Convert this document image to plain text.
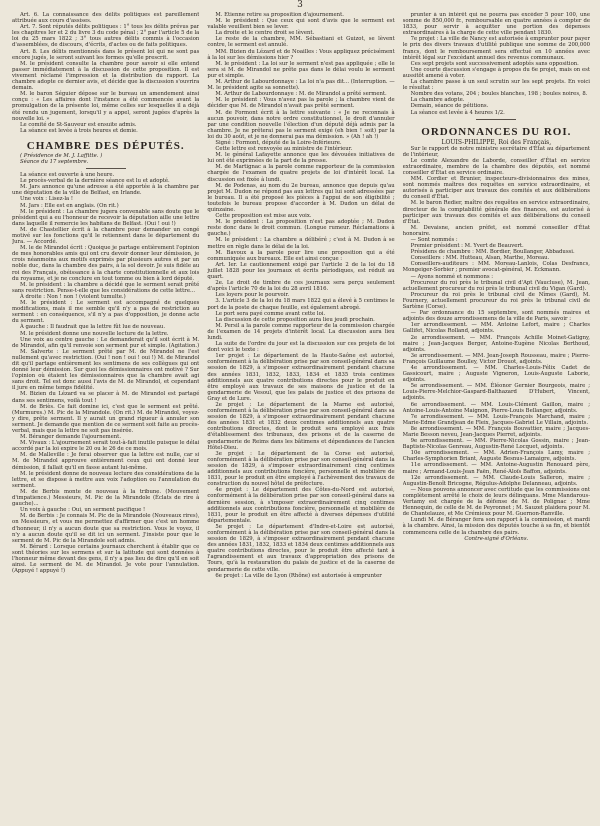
3

Art. 6. La connaissance des délits politiques est pareillement attribuée aux cours d'assises.

Art. 7. Sont réputés délits politiques : 1° tous les délits prévus par les chapitres Ier et 2 du livre 3 du code pénal ; 2° par l'article 5 de la loi du 25 mars 1822 ; 3° tous autres délits commis à l'occasion d'assemblées, de discours, d'écrits, d'actes ou de faits politiques.

Art. 8. Les délits mentionnés dans le présent loi qui ne sont pas encore jugés, le seront suivant les formes qu'elle prescrit.

M. le président consulte la chambre pour savoir si elle entend passer immédiatement à la discussion de cette proposition. Il est vivement réclamé l'impression et la distribution du rapport. La chambre adopte ce dernier avis, et décide que la discussion s'ouvrira demain.

M. le baron Séguier dépose sur le bureau un amendement ainsi conçu : « Les affaires dont l'instance a été commencée avant la promulgation de la présente loi, même celles sur lesquelles il a déjà été rendu un jugement, lorsqu'il y a appel, seront jugées d'après la nouvelle loi. »

Le comité de St-Sauveur est ensuite admis.

La séance est levée à trois heures et demie.

CHAMBRE DES DÉPUTÉS.

( Présidence de M. J. Laffitte. )

Séance du 17 septembre.

La séance est ouverte à une heure.

Le procès-verbal de la dernière séance est lu et adopté.

M. Jars annonce qu'une adresse a été apportée à la chambre par une députation de la ville de Belfast, en Irlande.

Une voix : Lisez-la !

M. Jars : Elle est en anglais. (On rit.)

M. le président : La chambre jugera convenable sans doute que le président qui a eu l'honneur de recevoir la députation aille une lettre dans laquelle il remercie les habitans de Belfast. (Oui ! oui !)

M. de Chastellier écrit à la chambre pour demander un congé motivé sur les fonctions qu'il le retiennent dans le département du Jura. — Accordé.

M. le de Mirandol écrit : Quoique je partage entièrement l'opinion de mes honorables amis qui ont cru devoir donner leur démission, je crois néanmoins aux motifs exprimés par plusieurs autres et par un noble duc, dans la chambre des pairs, à la sol devoir. Je suis fidèle au roi des Français, obéissance à la charte constitutionnelle et aux lois du royaume, et je ne conclure en tout tomme ou bien à lord député.

M. le président : la chambre a décidé que le serment serait prêté sans restriction. Pense-t-elle que les considérations de cette lettre...

À droite : Non ! non ! (violent tumulte.)

M. le président : Le serment est accompagné de quelques modifications, mais il me semble qu'il n'y a pas de restriction au serment : en conséquence, s'il n'y a pas d'opposition, je donne acte du serment.

À gauche : Il faudrait que la lettre fût lue de nouveau.

M. le président donne une nouvelle lecture de la lettre.

Une voix au centre gauche : Le demanderait qu'il soit écrit à M. de Mirandol, afin qu'il renvoie son serment pur et simple. (Agitation.)

M. Salverte : Le serment prêté par M. de Mirandol ne l'est nullement qu'avec restriction. (Oui ! non ! oui ! oui !) M. de Mirandol dit qu'il partage entièrement les sentimens de ses collègues qui ont donné leur démission. Sur quoi les démissionnaires ont motivé ? Sur l'opinion où étaient les démissionnaires que la chambre avait agi sans droit. Tel est donc aussi l'avis de M. de Mirandol, et cependant il jure en même temps fidélité.

M. Bizien du Lézard va se placer à M. de Mirandol est partagé dans ses sentimens, voilà tout !

M. de Briès. Ce fait domine ici, c'est que le serment est prêté. (Murmures.) M. Pic de la Mirandole. (On rit.) M. de Mirandol, voyez-y dire, prête serment. Il y aurait un grand rigueur à annuler son serment. Je demande que mention de ce serment soit faite au procès-verbal, mais que la lettre ne soit pas insérée.

M. Béranger demande l'ajournement.

M. Vivaux : L'ajournement serait tout-à-fait inutile puisque le délai accordé par la loi expire le 20 ou le 26 de ce mois.

M. de Malleville : Je ferai observer que la lettre est nulle, car si M. de Mirandol approuve entièrement ceux qui ont donné leur démission, il fallait qu'il en fasse autant lui-même.

M. le président donne de nouveau lecture des considérations de la lettre, et se dispose à mettre aux voix l'adoption ou l'annulation du serment.

M. de Berbis monte de nouveau à la tribune. (Mouvement d'impatience.) Messieurs, M. Pic de la Mirandole (Éclats de rire à gauche)...

Un voix à gauche : Oui, un serment pacifique !

M. de Berbis : Je connais M. Pic de la Mirandole (Nouveaux rires), on Messieurs, et vous me permettez d'affirmer que c'est un homme d'honneur, il n'y a aucun doute que sa restriction. Vous le voyez, il n'y a aucun doute qu'il se dit ici un serment. J'insiste pour que le serment de M. Pic de la Mirandole soit admis.

M. Bérard : Lorsque certains journaux cherchent à établir que ce sont théories sur les sermens et sur la latitude qui sont données à l'honneur même devant des gens, il n'y a pas lieu de dire qu'il en soit ainsi. Le serment de M. de Mirandol. Je vote pour l'annulation. (Appuyé ! appuyé !)

M. Étienne retire sa proposition d'ajournement.

M. le président : Que ceux qui sont d'avis que le serment est valable veuillent bien se lever.

La droite et le centre droit se lèvent.

Le reste de la chambre, MM. Sébastiani et Guizot, se lèvent contre, le serment est annulé.

MM. Bizien du Lézard et de Noailles : Vous appliquez précisément à la loi sur les démissions hier ?

M. le président : La loi sur le serment n'est pas appliquée ; elle le sera si M. de Mirandol ne prête pas dans le délai voulu le serment pur et simple.

M. Arthur de Labourdonnaye : La loi n'a pas dit... (Interruption. — M. le président agite sa sonnette).

M. Arthur de Labourdonnaye : M. de Mirandol a prêté serment.

M. le président : Vous n'avez pas la parole ; la chambre vient de décider que M. de Mirandol n'avait pas prêté serment.

M. de Formont écrit à la lettre suivante : « Je ne reconnais à aucun pouvoir, dans notre ordre constitutionnel, le droit d'annuler par une condition nouvelle l'élection d'un député déjà admis par la chambre. Je ne prêterai pas le serment exigé (eh bien ! soit) par la loi du 30 août, et je ne donnerai pas ma démission. » (Ah ! ah !)

Signé : Formont, député de la Loire-Inférieure.

Cette lettre est renvoyée au ministre de l'intérieur.

M. le général Lafayette annonce que les dévouées initiatives de lui ont été exprimées de la part de la presse.

M. de Martignac a la parole comme rapporteur de la commission chargée de l'examen de quatre projets de loi d'intérêt local. La discussion est fixée à lundi.

M. de Podenas, au nom du 2e bureau, annonce que depuis qu'au projet M. Dudon ne répond pas aux lettres qui lui sont adressées par le bureau. Il a été proposé les pièces à l'appui de son éligibilité ; toutefois le bureau propose d'accorder à M. Dudon un délai de quinzaine.

Cette proposition est mise aux voix.

M. le président : La proposition n'est pas adoptée ; M. Dudon reste donc dans le droit commun. (Longue rumeur. Réclamations à gauche.)

M. le président : La chambre a délibéré ; c'est à M. Dudon à se mettre en règle dans le délai de la loi.

M. Bavoux a la parole pour lire une proposition qui a été communiquée aux bureaux. Elle est ainsi conçue :

Art. Ier. Le cautionnement exigé par l'article 2 de la loi du 18 juillet 1828 pour les journaux et écrits périodiques, est réduit au quart.

2e. Le droit de timbre de ces journaux sera perçu seulement d'après l'article 70 de la loi du 28 avril 1816.

Les loyers pour le pourvoir.

3. L'article 3 de la loi du 18 mars 1822 qui a élevé à 5 centimes le port de la poste de chaque feuille, est également abrogé.

Le port sera payé comme avant cette loi.

La discussion de cette proposition aura lieu jeudi prochain.

M. Persil a la parole comme rapporteur de la commission chargée de l'examen de 14 projets d'intérêt local. La discussion aura lieu lundi.

La suite de l'ordre du jour est la discussion sur ces projets de loi dont voici le texte :

1er projet : Le département de la Haute-Saône est autorisé, conformément à la délibération prise par son conseil-général dans sa session de 1829, à s'imposer extraordinairement pendant chacune des années 1831, 1832, 1833, 1834 et 1835 trois centimes additionnels aux quatre contributions directes pour le produit en être employé aux travaux de ses maisons de justice et de la gendarmerie de Vesoul, que les palais de justice et des prisons de Gray et de Lure.

2e projet : Le département de la Marne est autorisé, conformément à la délibération prise par son conseil-général dans sa session de 1829, à s'imposer extraordinairement pendant chacune des années 1831 et 1832 deux centimes additionnels aux quatre contributions directes, dont le produit sera employé aux frais d'établissement des tribunaux, des prisons et de la caserne de gendarmerie de Reims dans les bâtimens et dépendances de l'ancien Hôtel-Dieu.

3e projet : Le département de la Corse est autorisé, conformément à la délibération prise par son conseil-général dans la session de 1829, à s'imposer extraordinairement cinq centimes additionnels aux contributions foncière, personnelle et mobilière de 1831, pour le produit en être employé à l'achèvement des travaux de construction du nouvel hôtel de préfecture.

4e projet : Le département des Côtes-du-Nord est autorisé, conformément à la délibération prise par son conseil-général dans sa dernière session, à s'imposer extraordinairement cinq centimes additionnels aux contributions foncière, personnelle et mobilière de 1831, pour le produit en être affecté à diverses dépenses d'utilité départementale.

5e projet : Le département d'Indre-et-Loire est autorisé, conformément à la délibération prise par son conseil-général dans la session de 1829, à s'imposer extraordinairement pendant chacune des années 1831, 1832, 1833 et 1834 deux centimes additionnels aux quatre contributions directes, pour le produit être affecté tant à l'agrandissement et aux travaux d'appropriation des prisons de Tours, qu'à la restauration du palais de justice et de la caserne de gendarmerie de cette ville.

6e projet : La ville de Lyon (Rhône) est autorisée à emprunter

prunter à un intérêt qui ne pourra pas excéder 5 pour 100, une somme de 850,000 fr., remboursable en quatre années à compter de 1833, pour servir à acquitter une portion des dépenses extraordinaires à la charge de cette ville pendant 1830.

7e projet : La ville de Nancy est autorisée à emprunter pour payer le prix des divers travaux d'utilité publique une somme de 200,000 francs, dont le remboursement sera effectué en 10 années avec intérêt légal sur l'excédant annuel des revenus communaux.

Ces sept projets sont successivement adoptés sans opposition.

Une courte discussion s'engage à propos du 6e projet, mais on est aussitôt amené à voter.

La chambre passe à un seul scrutin sur les sept projets. En voici le résultat :

Nombre des votans, 204 ; boules blanches, 198 ; boules noires, 8.

La chambre adopte.

Demain, séance de pétitions.

La séance est levée à 4 heures 1/2.

ORDONNANCES DU ROI.

LOUIS-PHILIPPE, Roi des Français,

Sur le rapport de notre ministre secrétaire d'État au département de l'intérieur,

Le comte Alexandre de Laborde, conseiller d'État en service extraordinaire, membre de la chambre des députés, est nommé conseiller d'État en service ordinaire.

MM. Cordier et Brunier, inspecteurs-divisionnaires des mines, sont nommés maîtres des requêtes en service extraordinaire, et autorisés à participer aux travaux des comités et aux délibérations du conseil d'État.

M. le baron Redier, maître des requêtes en service extraordinaire, directeur de la comptabilité générale des finances, est autorisé à participer aux travaux des comités et aux délibérations du conseil d'État.

M. Devaisne, ancien préfet, est nommé conseiller d'État honoraire.

— Sont nommés :

Premier président : M. Yvert de Beauvert.

Présidens de chambre : MM. Bordier, Boullanger, Abbadussi.

Conseillers : MM. Hutteau, Alsan, Marthe, Moreau.

Conseillers-auditeurs : MM. Moreau-Lanlois, Colas Desfrancs, Mongeiger-Sorbier ; premier avocat-général, M. Eckmann.

— Ayons nommé et nommons :

Procureur du roi près le tribunal civil d'Apt (Vaucluse), M. Jean, actuellement procureur du roi près le tribunal civil du Vigan (Gard).

Procureur du roi près le tribunal civil de Nîmes (Gard), M. Fournery, actuellement procureur du roi près le tribunal civil de Sartène (Corse).

— Par ordonnance du 15 septembre, sont nommés maires et adjoints des douze arrondissemens de la ville de Paris, savoir :

1er arrondissement. — MM. Antoine Lefort, maire ; Charles Gallifet, Nicolas Rolland, adjoints.

2e arrondissement. — MM. François Achille Moinet-Gatigny, maire ; Jean-Jacques Berger, Antoine-Eugène Nicolas Berthoud, adjoints.

3e arrondissement. — MM. Jean-Joseph Rousseau, maire ; Pierre-François Guillaume Boulley, Victor Drouot, adjoints.

4e arrondissement. — MM. Charles-Louis-Félix Cadet de Gassicourt, maire ; Auguste Vigneron, Louis-Auguste Laborie, adjoints.

5e arrondissement. — MM. Éléonor Gernier Bourgeois, maire ; Louis-Pierre-Melchior-Gaspard-Balthazard D'Hubert, Vincent, adjoints.

6e arrondissement. — MM. Louis-Clément Gaillon, maire ; Antoine-Louis-Antoine Maignon, Pierre-Louis Bellanger, adjoints.

7e arrondissement. — MM. Louis-François Marchand, maire ; Marie-Edme Grandjean de Fleix, Jacques-Gabriel Le Villain, adjoints.

8e arrondissement. — MM. François Bouvattier, maire ; Jacques-Marie Besson neveu, Jean-Jacques Pierret, adjoints.

9e arrondissement. — MM. Pierre-Nicolas Gossin, maire ; Jean-Baptiste-Nicolas Genreau, Augustin-René Locquet, adjoints.

10e arrondissement. — MM. Adrien-François Lamy, maire ; Charles-Symphorien Briant, Auguste Besnus-Lamaigre, adjoints.

11e arrondissement. — MM. Antoine-Augustin Renouard père, maire ; Armand-Louis-Jean Faën, René-Aloïs Baffon, adjoints.

12e arrondissement. — MM. Claude-Louis Salleron, maire ; Augustin-Benoît Bricogne, Régulus-Adolphe Delanneau, adjoints.

— Nous pouvons annoncer avec certitude que les commissions ont complètement arrêté le choix de leurs délinquans. Mme Mandarous-Vertamy est chargée de la défense de M. de Polignac ; Mme Hennequin, de celle de M. de Peyronnet ; M. Sauzet plaidera pour M. de Chantelauze, et Me Crémieux pour M. Guernon-Ranville.

Lundi M. de Béranger fera son rapport à la commission, et mardi à la chambre. Ainsi, la mission des députés touche à sa fin, et bientôt commencera celle de la chambre des pairs.

Contre-signé d'Orléans.
